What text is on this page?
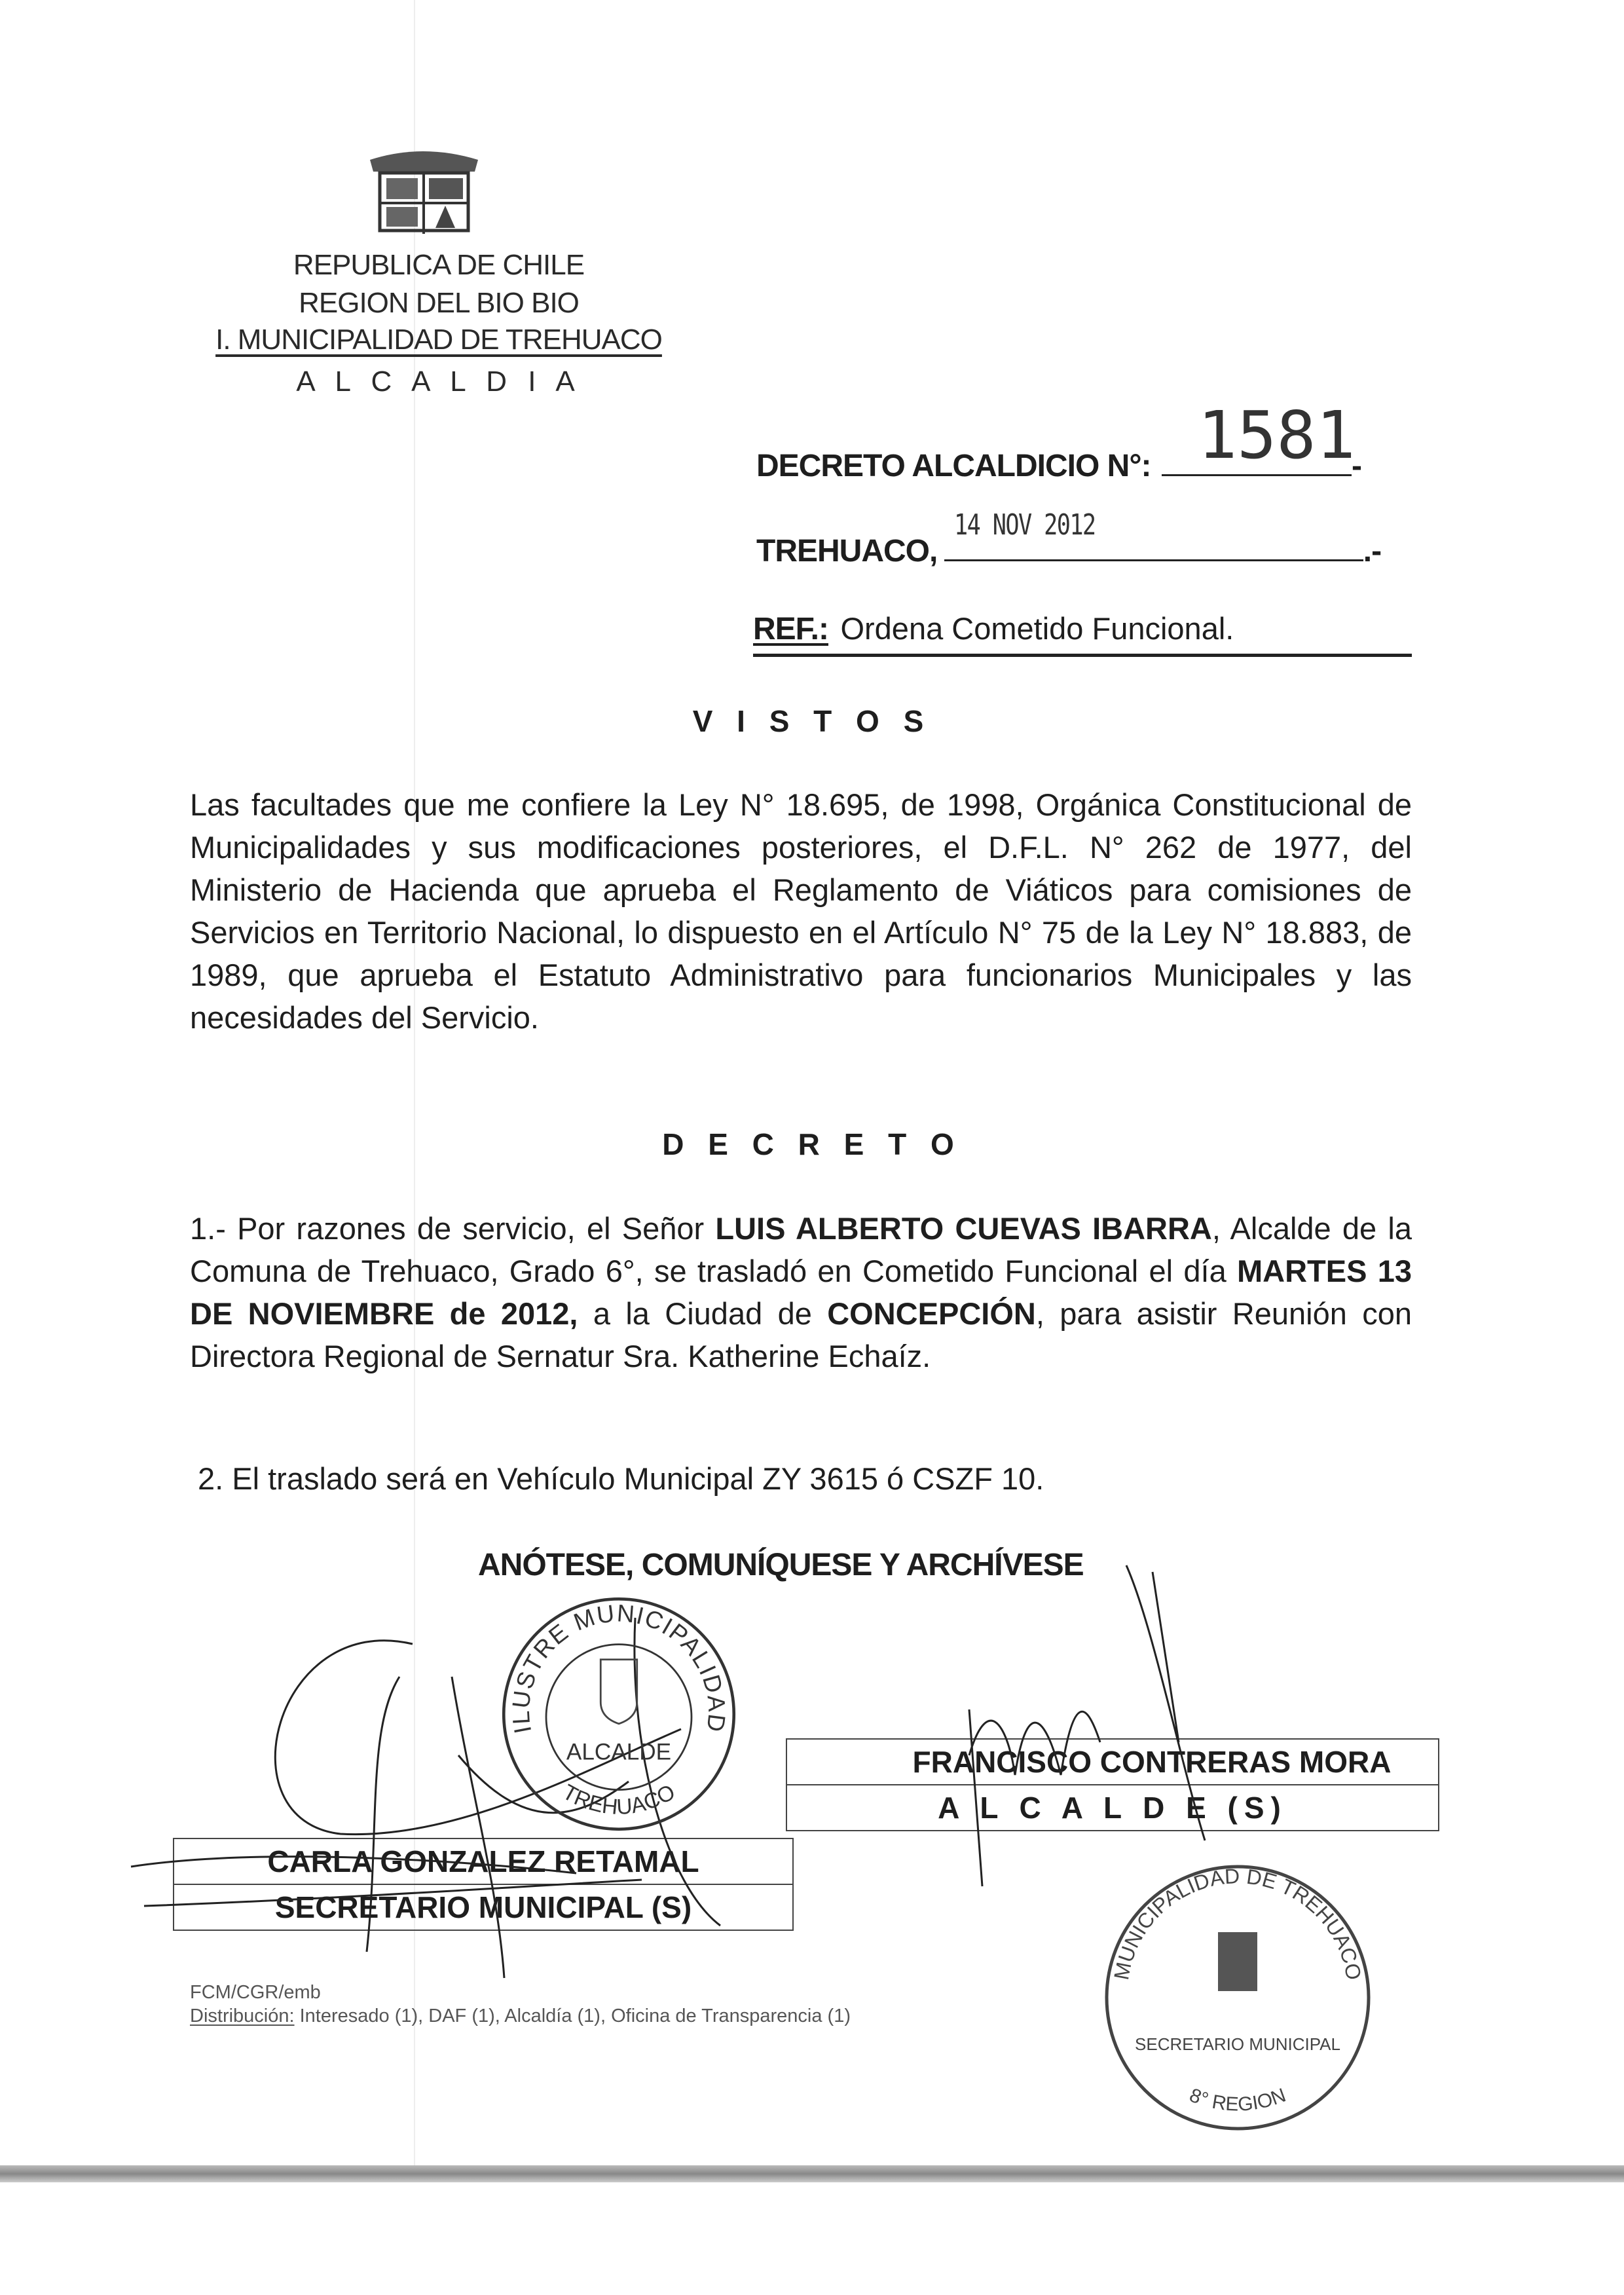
REPUBLICA DE CHILE
REGION DEL BIO BIO
I. MUNICIPALIDAD DE TREHUACO
A L C A L D I A
DECRETO ALCALDICIO N°: 1581
-
TREHUACO,
14 NOV 2012
.-
REF.: Ordena Cometido Funcional.
V I S T O S
Las facultades que me confiere la Ley N° 18.695, de 1998, Orgánica Constitucional de Municipalidades y sus modificaciones posteriores, el D.F.L. N° 262 de 1977, del Ministerio de Hacienda que aprueba el Reglamento de Viáticos para comisiones de Servicios en Territorio Nacional, lo dispuesto en el Artículo N° 75 de la Ley N° 18.883, de 1989, que aprueba el Estatuto Administrativo para funcionarios Municipales y las necesidades del Servicio.
D E C R E T O
1.- Por razones de servicio, el Señor LUIS ALBERTO CUEVAS IBARRA, Alcalde de la Comuna de Trehuaco, Grado 6°, se trasladó en Cometido Funcional el día MARTES 13 DE NOVIEMBRE de 2012, a la Ciudad de CONCEPCIÓN, para asistir Reunión con Directora Regional de Sernatur Sra. Katherine Echaíz.
2. El traslado será en Vehículo Municipal ZY 3615 ó CSZF 10.
ANÓTESE, COMUNÍQUESE Y ARCHÍVESE
FRANCISCO CONTRERAS MORA
A L C A L D E (S)
CARLA GONZALEZ RETAMAL
SECRETARIO MUNICIPAL (S)
ILUSTRE MUNICIPALIDAD
ALCALDE
TREHUACO
MUNICIPALIDAD DE TREHUACO
SECRETARIO MUNICIPAL
8° REGION
FCM/CGR/emb
Distribución: Interesado (1), DAF (1), Alcaldía (1), Oficina de Transparencia (1)
